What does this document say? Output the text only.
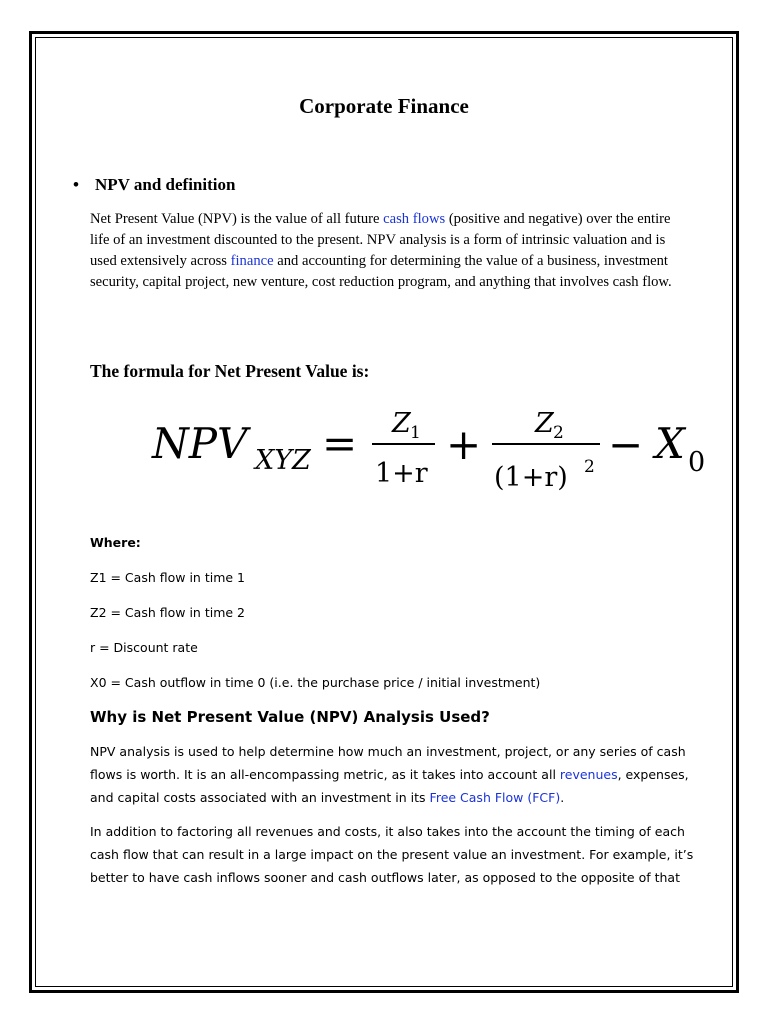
Corporate Finance
• NPV and definition

Net Present Value (NPV) is the value of all future cash flows (positive and negative) over the entire life of an investment discounted to the present. NPV analysis is a form of intrinsic valuation and is used extensively across finance and accounting for determining the value of a business, investment security, capital project, new venture, cost reduction program, and anything that involves cash flow.

The formula for Net Present Value is:
NPV XYZ = Z 1
1+r
+ Z 2
(1+r) 2 − X 0
Where:
Z1 = Cash flow in time 1
Z2 = Cash flow in time 2
r = Discount rate
X0 = Cash outflow in time 0 (i.e. the purchase price / initial investment)
Why is Net Present Value (NPV) Analysis Used?

NPV analysis is used to help determine how much an investment, project, or any series of cash flows is worth. It is an all-encompassing metric, as it takes into account all revenues, expenses, and capital costs associated with an investment in its Free Cash Flow (FCF).

In addition to factoring all revenues and costs, it also takes into the account the timing of each cash flow that can result in a large impact on the present value an investment. For example, it’s better to have cash inflows sooner and cash outflows later, as opposed to the opposite of that
